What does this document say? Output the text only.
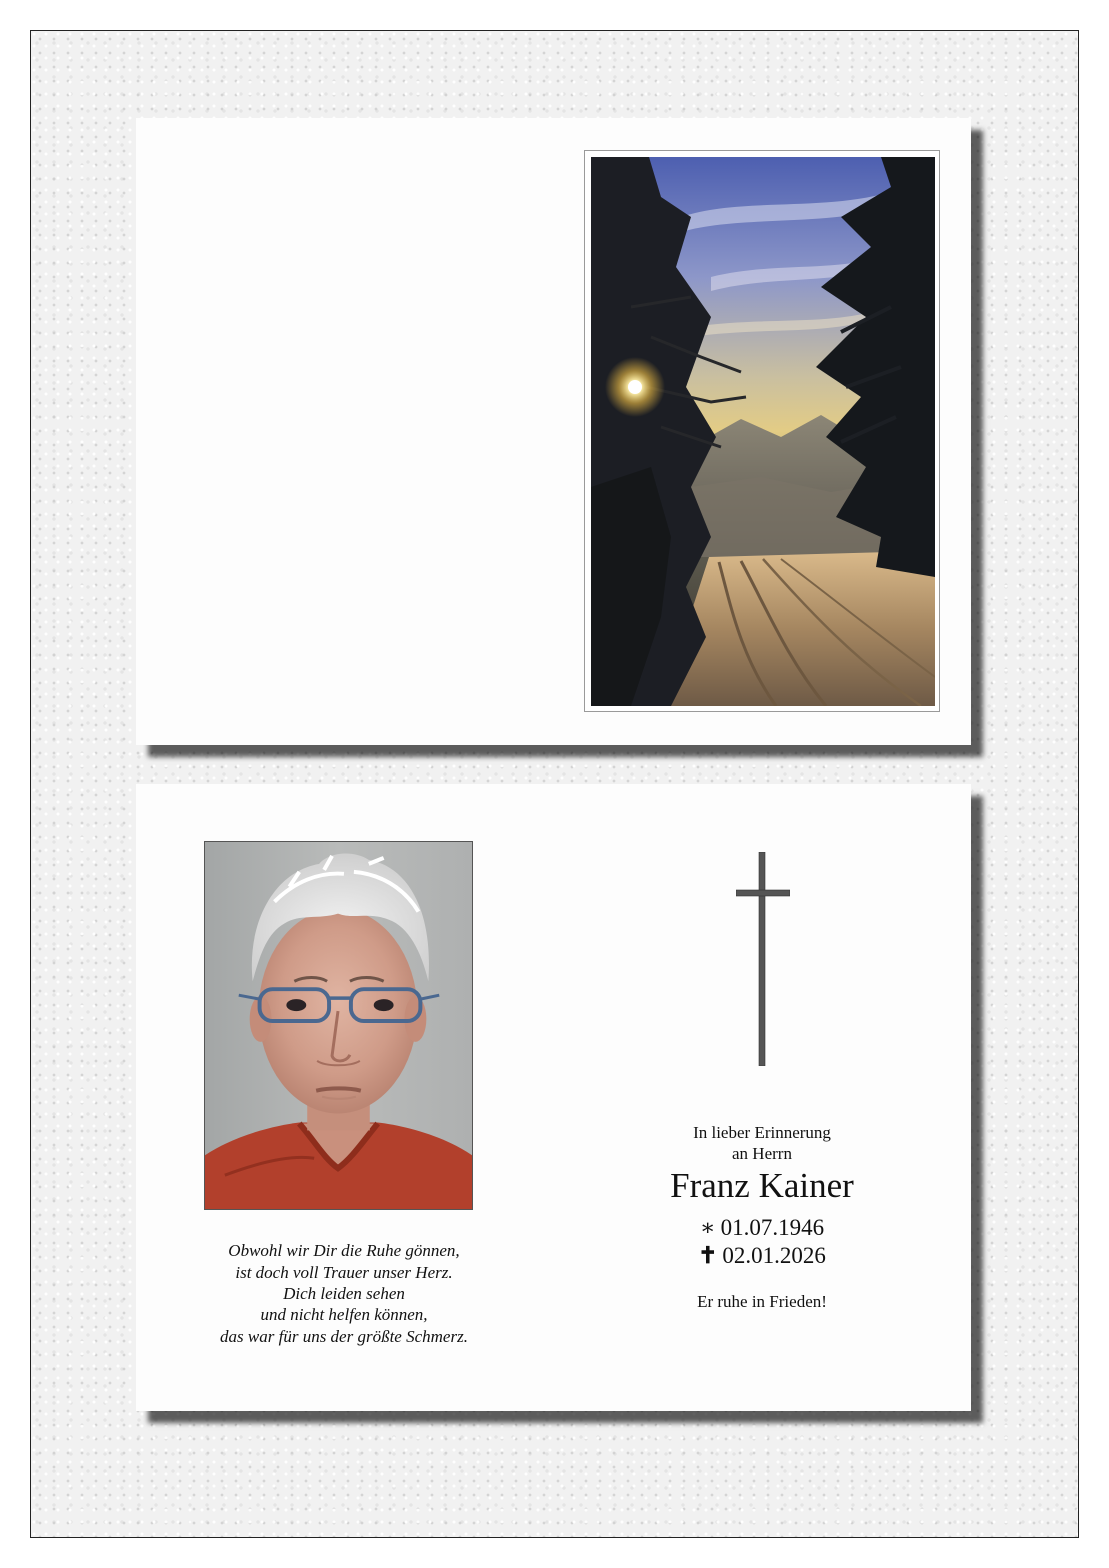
Obwohl wir Dir die Ruhe gönnen,
ist doch voll Trauer unser Herz.
Dich leiden sehen
und nicht helfen können,
das war für uns der größte Schmerz.
In lieber Erinnerung
an Herrn
Franz Kainer
∗ 01.07.1946
✝ 02.01.2026
Er ruhe in Frieden!
